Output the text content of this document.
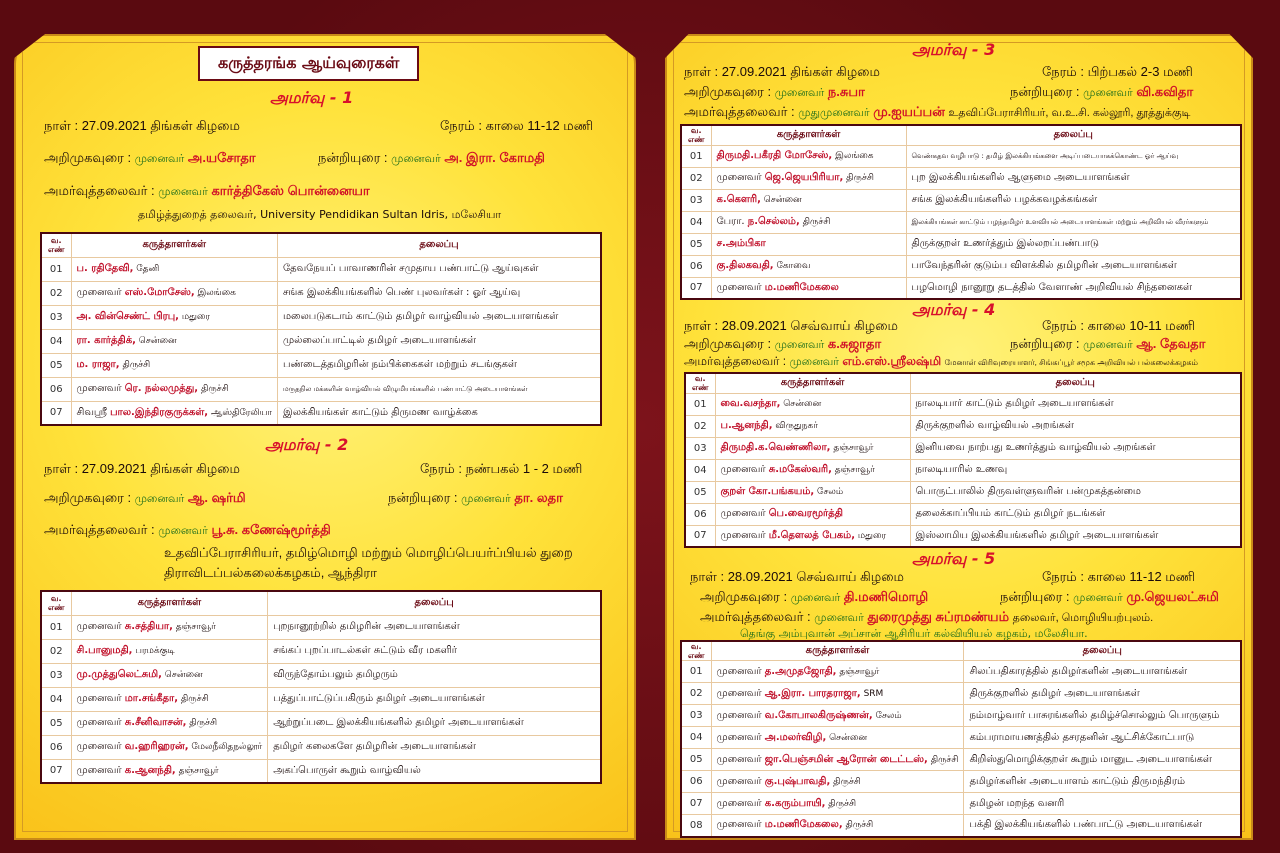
கருத்தரங்க ஆய்வுரைகள்
அமர்வு - 1
நாள் : 27.09.2021 திங்கள் கிழமை	நேரம் : காலை 11-12 மணி
அறிமுகவுரை : முனைவர் அ.யசோதா	நன்றியுரை : முனைவர் அ. இரா. கோமதி
அமர்வுத்தலைவர் : முனைவர் கார்த்திகேஸ் பொன்னையா
தமிழ்த்துறைத் தலைவர், University Pendidikan Sultan Idris, மலேசியா
வ. எண்	கருத்தாளர்கள்	தலைப்பு
01	ப. ரதிதேவி, தேனி	தேவநேயப் பாவாணரின் சமுதாய பண்பாட்டு ஆய்வுகள்
02	முனைவர் எஸ்.மோசேஸ், இலங்கை	சங்க இலக்கியங்களில் பெண் புலவர்கள் : ஓர் ஆய்வு
03	அ. வின்செண்ட் பிரபு, மதுரை	மலைபடுகடாம் காட்டும் தமிழர் வாழ்வியல் அடையாளங்கள்
04	ரா. கார்த்திக், சென்னை	முல்லைப்பாட்டில் தமிழர் அடையாளங்கள்
05	ம. ராஜா, திருச்சி	பண்டைத்தமிழரின் நம்பிக்கைகள் மற்றும் சடங்குகள்
06	முனைவர் ரெ. நல்லமுத்து, திருச்சி	மருதநில மக்களின் வாழ்வியல் விழுமியங்களில் பண்பாட்டு அடையாளங்கள்
07	சிவஸ்ரீ பால.இந்திரகுருக்கள், ஆஸ்திரேலியா	இலக்கியங்கள் காட்டும் திருமண வாழ்க்கை
அமர்வு - 2
நாள் : 27.09.2021 திங்கள் கிழமை	நேரம் : நண்பகல் 1 - 2 மணி
அறிமுகவுரை : முனைவர் ஆ. ஷர்மி	நன்றியுரை : முனைவர் தா. லதா
அமர்வுத்தலைவர் : முனைவர் பூ.சு. கணேஷ்மூர்த்தி
உதவிப்பேராசிரியர், தமிழ்மொழி மற்றும் மொழிப்பெயர்ப்பியல் துறை
திராவிடப்பல்கலைக்கழகம், ஆந்திரா
வ. எண்	கருத்தாளர்கள்	தலைப்பு
01	முனைவர் சு.சத்தியா, தஞ்சாவூர்	புறநானூற்றில் தமிழரின் அடையாளங்கள்
02	சி.பானுமதி, பரமக்குடி	சங்கப் புறப்பாடல்கள் சுட்டும் வீர மகளிர்
03	மு.முத்துலெட்சுமி, சென்னை	விருந்தோம்பலும் தமிழரும்
04	முனைவர் மா.சங்கீதா, திருச்சி	பத்துப்பாட்டுப்பகிரும் தமிழர் அடையாளங்கள்
05	முனைவர் சு.சீனிவாசன், திருச்சி	ஆற்றுப்படை இலக்கியங்களில் தமிழர் அடையாளங்கள்
06	முனைவர் வ.ஹரிஹரன், மேலநீலிதநல்லூர்	தமிழர் கலைகளே தமிழரின் அடையாளங்கள்
07	முனைவர் க.ஆனந்தி, தஞ்சாவூர்	அகப்பொருள் கூறும் வாழ்வியல்
அமர்வு - 3
நாள் : 27.09.2021 திங்கள் கிழமை	நேரம் : பிற்பகல் 2-3 மணி
அறிமுகவுரை : முனைவர் ந.சுபா	நன்றியுரை : முனைவர் வி.கவிதா
அமர்வுத்தலைவர் : முதுமுனைவர் மு.ஐயப்பன் உதவிப்பேராசிரியர், வ.உ.சி. கல்லூரி, தூத்துக்குடி
வ. எண்	கருத்தாளர்கள்	தலைப்பு
01	திருமதி.பகீரதி மோசேஸ், இலங்கை	வெண்கதவ வழிபாடு : தமிழ் இலக்கியங்களை அடிப்படையாகக்கொண்ட ஓர் ஆய்வு
02	முனைவர் ஜெ.ஜெயபிரியா, திருச்சி	புற இலக்கியங்களில் ஆளுமை அடையாளங்கள்
03	க.கௌரி, சென்னை	சங்க இலக்கியங்களில் பழக்கவழக்கங்கள்
04	பேரா. ந.செல்லம், திருச்சி	இலக்கியங்கள் காட்டும் பழந்தமிழர் உளவியல் அடையாளங்கள் மற்றும் அறிவியல் வீரர்களும்
05	ச.அம்பிகா	திருக்குறள் உணர்த்தும் இல்லறப்பண்பாடு
06	கு.திலகவதி, கோவை	பாவேந்தரின் குடும்ப விளக்கில் தமிழரின் அடையாளங்கள்
07	முனைவர் ம.மணிமேகலை	பழமொழி நானூறு தடத்தில் வேளாண் அறிவியல் சிந்தனைகள்
அமர்வு - 4
நாள் : 28.09.2021 செவ்வாய் கிழமை	நேரம் : காலை 10-11 மணி
அறிமுகவுரை : முனைவர் க.சுஜாதா	நன்றியுரை : முனைவர் ஆ. தேவதா
அமர்வுத்தலைவர் : முனைவர் எம்.எஸ்.ஸ்ரீலஷ்மி மேனாள் விரிவுரையாளர், சிங்கப்பூர் சமூக அறிவியல் பல்கலைக்கழகம்
வ. எண்	கருத்தாளர்கள்	தலைப்பு
01	வை.வசந்தா, சென்னை	நாலடியார் காட்டும் தமிழர் அடையாளங்கள்
02	ப.ஆனந்தி, விருதுநகர்	திருக்குறளில் வாழ்வியல் அறங்கள்
03	திருமதி.க.வெண்ணிலா, தஞ்சாவூர்	இனியவை நாற்பது உணர்த்தும் வாழ்வியல் அறங்கள்
04	முனைவர் சு.மகேஸ்வரி, தஞ்சாவூர்	நாலடியாரில் உணவு
05	குறள் கோ.பங்கயம், சேலம்	பொருட்பாலில் திருவள்ளுவரின் பன்முகத்தன்மை
06	முனைவர் பெ.வைரமூர்த்தி	தலைக்காப்பியம் காட்டும் தமிழர் நடங்கள்
07	முனைவர் மீ.தௌலத் பேகம், மதுரை	இஸ்லாமிய இலக்கியங்களில் தமிழர் அடையாளங்கள்
அமர்வு - 5
நாள் : 28.09.2021 செவ்வாய் கிழமை	நேரம் : காலை 11-12 மணி
அறிமுகவுரை : முனைவர் தி.மணிமொழி	நன்றியுரை : முனைவர் மு.ஜெயலட்சுமி
அமர்வுத்தலைவர் : முனைவர் துரைமுத்து சுப்ரமண்யம் தலைவர், மொழியியற்புலம்.
தெங்கு அம்புவான் அப்சான் ஆசிரியர் கல்வியியல் கழகம், மலேசியா.
வ. எண்	கருத்தாளர்கள்	தலைப்பு
01	முனைவர் த.அமுதஜோதி, தஞ்சாவூர்	சிலப்பதிகாரத்தில் தமிழர்களின் அடையாளங்கள்
02	முனைவர் ஆ.இரா. பாரதராஜா, SRM	திருக்குறளில் தமிழர் அடையாளங்கள்
03	முனைவர் வ.கோபாலகிருஷ்ணன், சேலம்	நம்மாழ்வார் பாசுரங்களில் தமிழ்ச்சொல்லும் பொருளும்
04	முனைவர் அ.மலர்விழி, சென்னை	கம்பராமாயணத்தில் தசரதனின் ஆட்சிக்கோட்பாடு
05	முனைவர் ஜா.பெஞ்சமின் ஆரோன் டைட்டஸ், திருச்சி	கிறிஸ்துமொழிக்குறள் கூறும் மானுட அடையாளங்கள்
06	முனைவர் கு.புஷ்பாவதி, திருச்சி	தமிழர்களின் அடையாளம் காட்டும் திருமந்திரம்
07	முனைவர் க.கரும்பாயி, திருச்சி	தமிழன் மறந்த வனரி
08	முனைவர் ம.மணிமேகலை, திருச்சி	பக்தி இலக்கியங்களில் பண்பாட்டு அடையாளங்கள்
